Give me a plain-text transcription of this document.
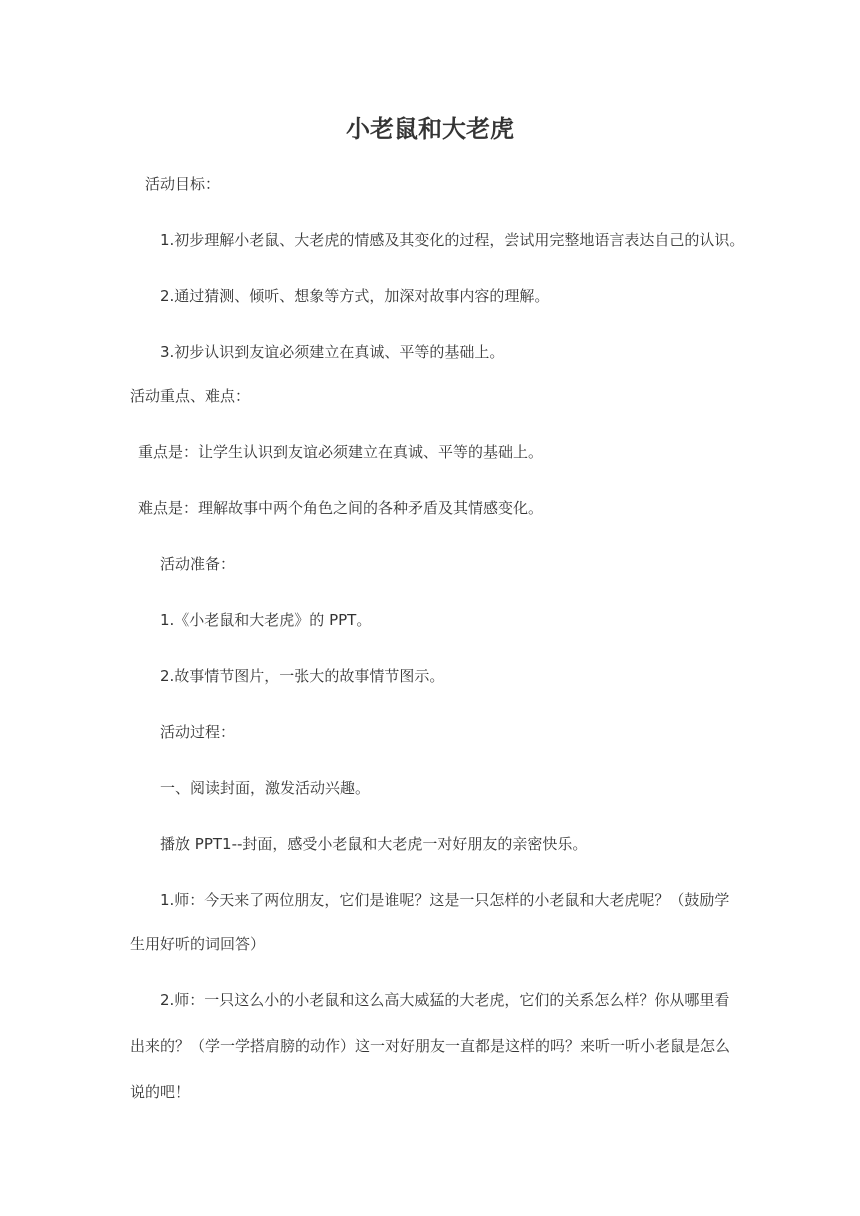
小老鼠和大老虎
活动目标：
1.初步理解小老鼠、大老虎的情感及其变化的过程，尝试用完整地语言表达自己的认识。
2.通过猜测、倾听、想象等方式，加深对故事内容的理解。
3.初步认识到友谊必须建立在真诚、平等的基础上。
活动重点、难点：
重点是：让学生认识到友谊必须建立在真诚、平等的基础上。
难点是：理解故事中两个角色之间的各种矛盾及其情感变化。
活动准备：
1.《小老鼠和大老虎》的 PPT。
2.故事情节图片，一张大的故事情节图示。
活动过程：
一、阅读封面，激发活动兴趣。
播放 PPT1--封面，感受小老鼠和大老虎一对好朋友的亲密快乐。
1.师：今天来了两位朋友，它们是谁呢？这是一只怎样的小老鼠和大老虎呢？（鼓励学
生用好听的词回答）
2.师：一只这么小的小老鼠和这么高大威猛的大老虎，它们的关系怎么样？你从哪里看
出来的？（学一学搭肩膀的动作）这一对好朋友一直都是这样的吗？来听一听小老鼠是怎么
说的吧！
